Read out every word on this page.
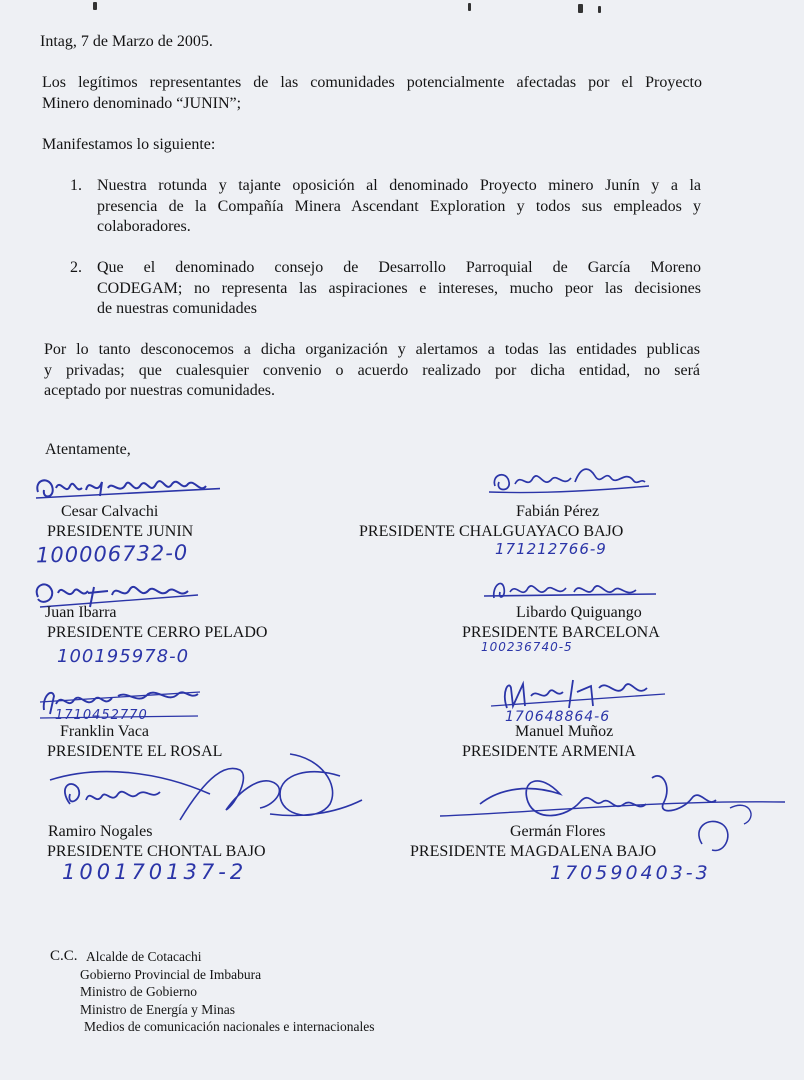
Intag, 7 de Marzo de 2005.
Los legítimos representantes de las comunidades potencialmente afectadas por el Proyecto
Minero denominado “JUNIN”;
Manifestamos lo siguiente:
1. Nuestra rotunda y tajante oposición al denominado Proyecto minero Junín y a la
presencia de la Compañía Minera Ascendant Exploration y todos sus empleados y
colaboradores.
2. Que el denominado consejo de Desarrollo Parroquial de García Moreno
CODEGAM; no representa las aspiraciones e intereses, mucho peor las decisiones
de nuestras comunidades
Por lo tanto desconocemos a dicha organización y alertamos a todas las entidades publicas
y privadas; que cualesquier convenio o acuerdo realizado por dicha entidad, no será
aceptado por nuestras comunidades.
Atentamente,
Cesar Calvachi
PRESIDENTE JUNIN
100006732-0
Fabián Pérez
PRESIDENTE CHALGUAYACO BAJO
171212766-9
Juan Ibarra
PRESIDENTE CERRO PELADO
100195978-0
Libardo Quiguango
PRESIDENTE BARCELONA
100236740-5
1710452770
Franklin Vaca
PRESIDENTE EL ROSAL
170648864-6
Manuel Muñoz
PRESIDENTE ARMENIA
Ramiro Nogales
PRESIDENTE CHONTAL BAJO
100170137-2
Germán Flores
PRESIDENTE MAGDALENA BAJO
170590403-3
C.C. Alcalde de Cotacachi
Gobierno Provincial de Imbabura
Ministro de Gobierno
Ministro de Energía y Minas
Medios de comunicación nacionales e internacionales
